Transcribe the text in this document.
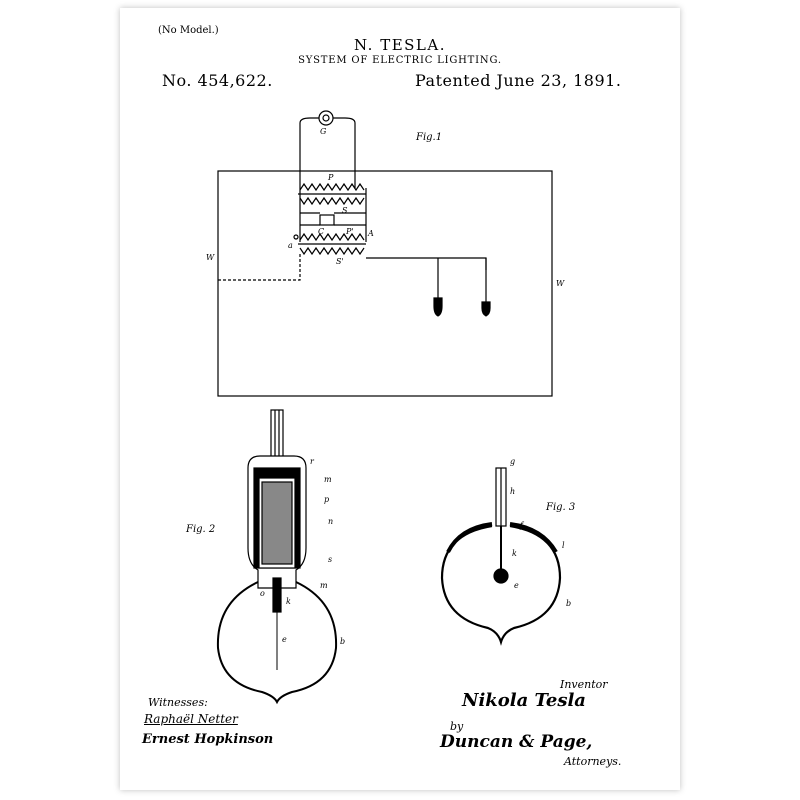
(No Model.)
N. TESLA.
SYSTEM OF ELECTRIC LIGHTING.
No. 454,622.	Patented June 23, 1891.
Fig.1
G
P
S
C	P' A
a
S'
W
W
Fig. 2
r
m
p
n
s
m
o
k
e	b
Fig. 3
g
h
f
k
e
l
b
Witnesses:
Raphaël Netter
Ernest Hopkinson
Inventor
Nikola Tesla
by
Duncan & Page,
Attorneys.
